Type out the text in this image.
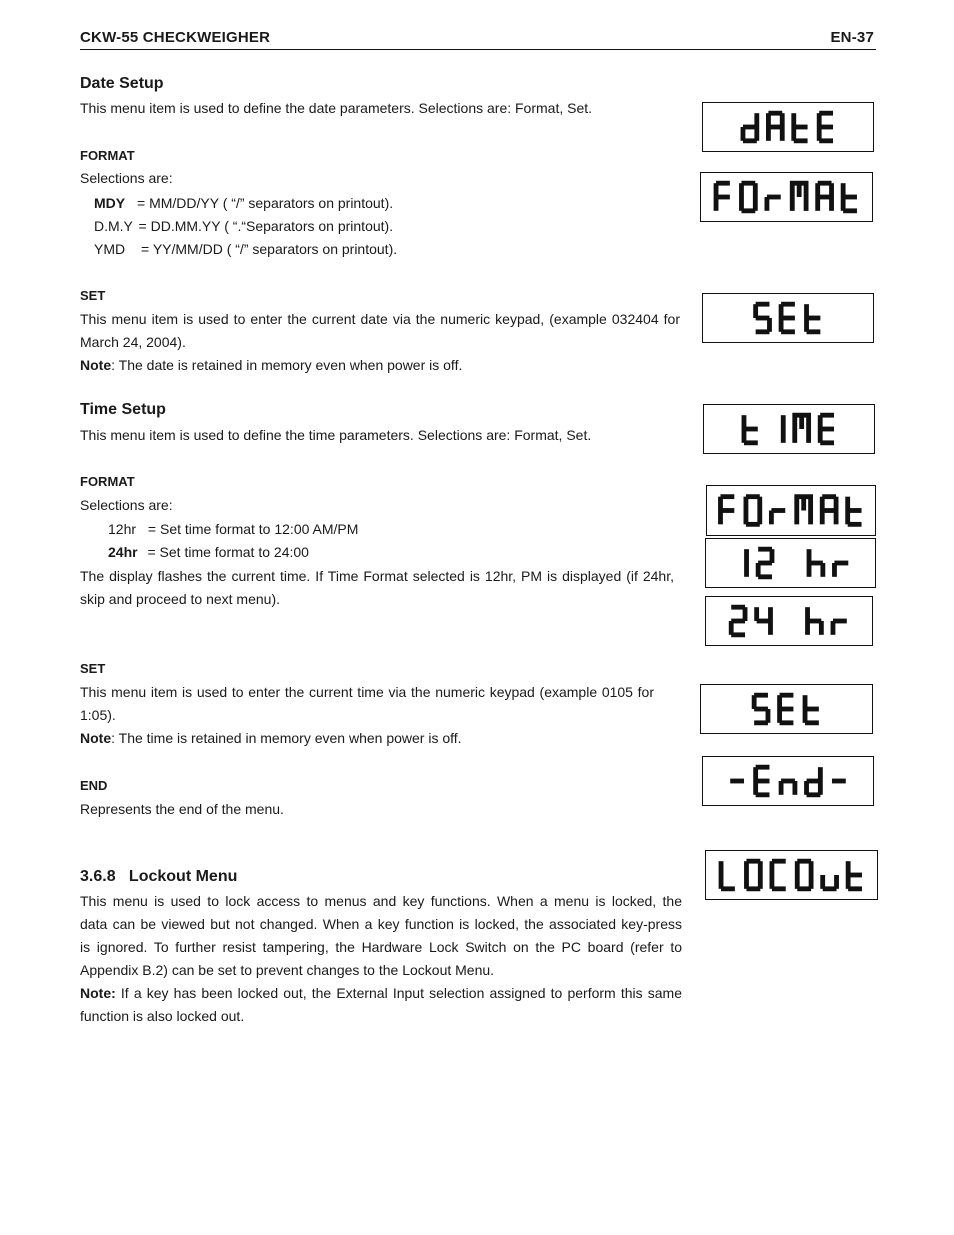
CKW-55 CHECKWEIGHER	EN-37
Date Setup
This menu item is used to define the date parameters. Selections are: Format, Set.
FORMAT
Selections are:
MDY = MM/DD/YY ( “/” separators on printout).
D.M.Y = DD.MM.YY ( “.“Separators on printout).
YMD = YY/MM/DD ( “/” separators on printout).
SET
This menu item is used to enter the current date via the numeric keypad, (example 032404 for
March 24, 2004).
Note: The date is retained in memory even when power is off.
Time Setup
This menu item is used to define the time parameters. Selections are: Format, Set.
FORMAT
Selections are:
12hr = Set time format to 12:00 AM/PM
24hr = Set time format to 24:00
The display flashes the current time. If Time Format selected is 12hr, PM is displayed (if 24hr,
skip and proceed to next menu).
SET
This menu item is used to enter the current time via the numeric keypad (example 0105 for
1:05).
Note: The time is retained in memory even when power is off.
END
Represents the end of the menu.
3.6.8   Lockout Menu
This menu is used to lock access to menus and key functions. When a menu is locked, the
data can be viewed but not changed. When a key function is locked, the associated key-press
is ignored. To further resist tampering, the Hardware Lock Switch on the PC board (refer to
Appendix B.2) can be set to prevent changes to the Lockout Menu.
Note: If a key has been locked out, the External Input selection assigned to perform this same
function is also locked out.
